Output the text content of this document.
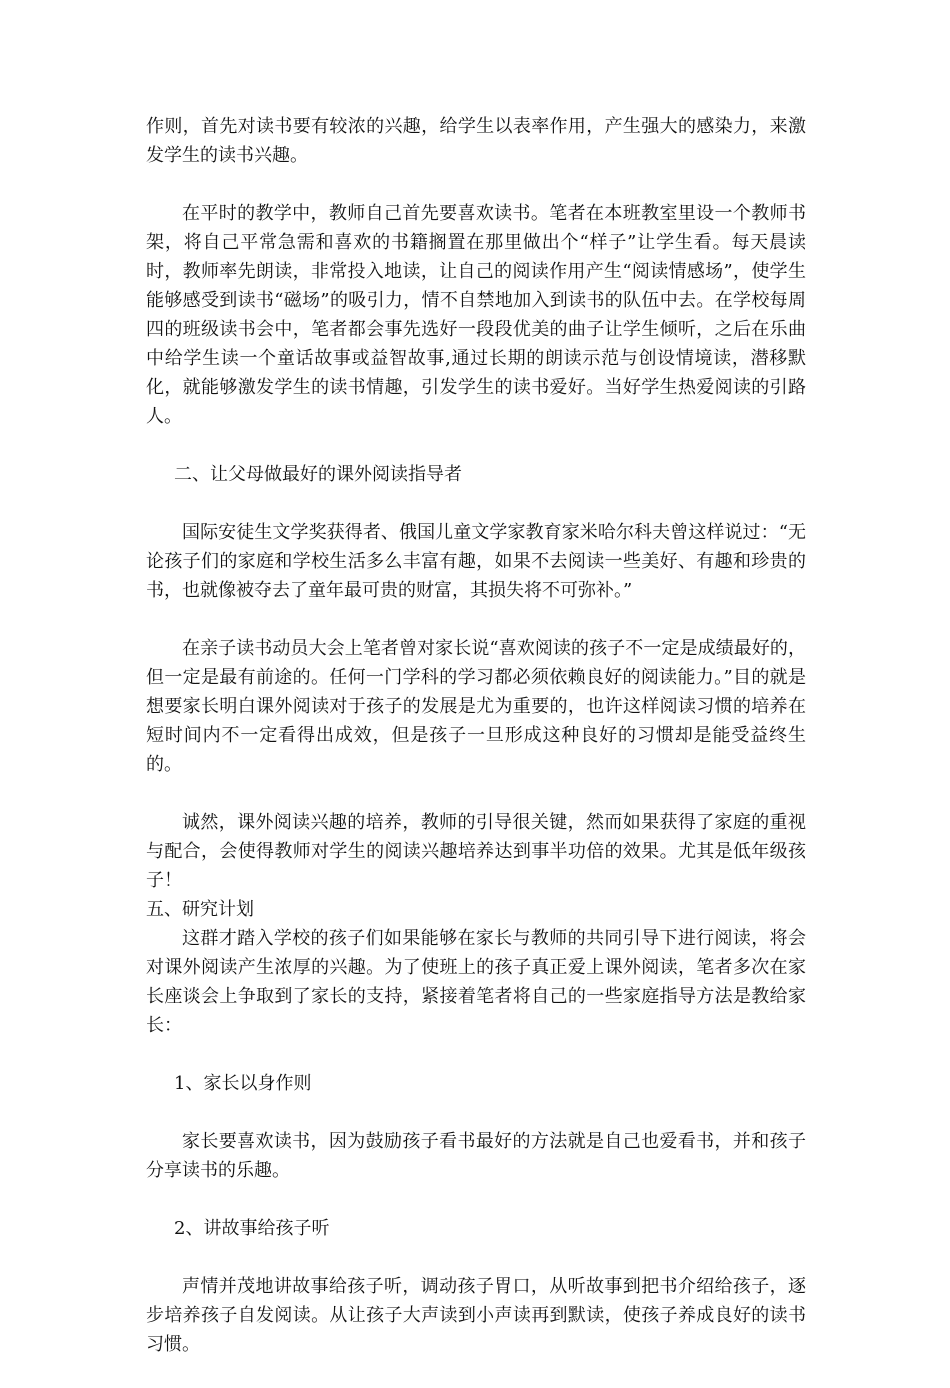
作则，首先对读书要有较浓的兴趣，给学生以表率作用，产生强大的感染力，来激发学生的读书兴趣。

在平时的教学中，教师自己首先要喜欢读书。笔者在本班教室里设一个教师书架，将自己平常急需和喜欢的书籍搁置在那里做出个“样子”让学生看。每天晨读时，教师率先朗读，非常投入地读，让自己的阅读作用产生“阅读情感场”，使学生能够感受到读书“磁场”的吸引力，情不自禁地加入到读书的队伍中去。在学校每周四的班级读书会中，笔者都会事先选好一段段优美的曲子让学生倾听，之后在乐曲中给学生读一个童话故事或益智故事,通过长期的朗读示范与创设情境读，潜移默化，就能够激发学生的读书情趣，引发学生的读书爱好。当好学生热爱阅读的引路人。

二、让父母做最好的课外阅读指导者

国际安徒生文学奖获得者、俄国儿童文学家教育家米哈尔科夫曾这样说过：“无论孩子们的家庭和学校生活多么丰富有趣，如果不去阅读一些美好、有趣和珍贵的书，也就像被夺去了童年最可贵的财富，其损失将不可弥补。”

在亲子读书动员大会上笔者曾对家长说“喜欢阅读的孩子不一定是成绩最好的，但一定是最有前途的。任何一门学科的学习都必须依赖良好的阅读能力。”目的就是想要家长明白课外阅读对于孩子的发展是尤为重要的，也许这样阅读习惯的培养在短时间内不一定看得出成效，但是孩子一旦形成这种良好的习惯却是能受益终生的。

诚然，课外阅读兴趣的培养，教师的引导很关键，然而如果获得了家庭的重视与配合，会使得教师对学生的阅读兴趣培养达到事半功倍的效果。尤其是低年级孩子！

五、研究计划

这群才踏入学校的孩子们如果能够在家长与教师的共同引导下进行阅读，将会对课外阅读产生浓厚的兴趣。为了使班上的孩子真正爱上课外阅读，笔者多次在家长座谈会上争取到了家长的支持，紧接着笔者将自己的一些家庭指导方法是教给家长：

1、家长以身作则

家长要喜欢读书，因为鼓励孩子看书最好的方法就是自己也爱看书，并和孩子分享读书的乐趣。

2、讲故事给孩子听

声情并茂地讲故事给孩子听，调动孩子胃口，从听故事到把书介绍给孩子，逐步培养孩子自发阅读。从让孩子大声读到小声读再到默读，使孩子养成良好的读书习惯。
